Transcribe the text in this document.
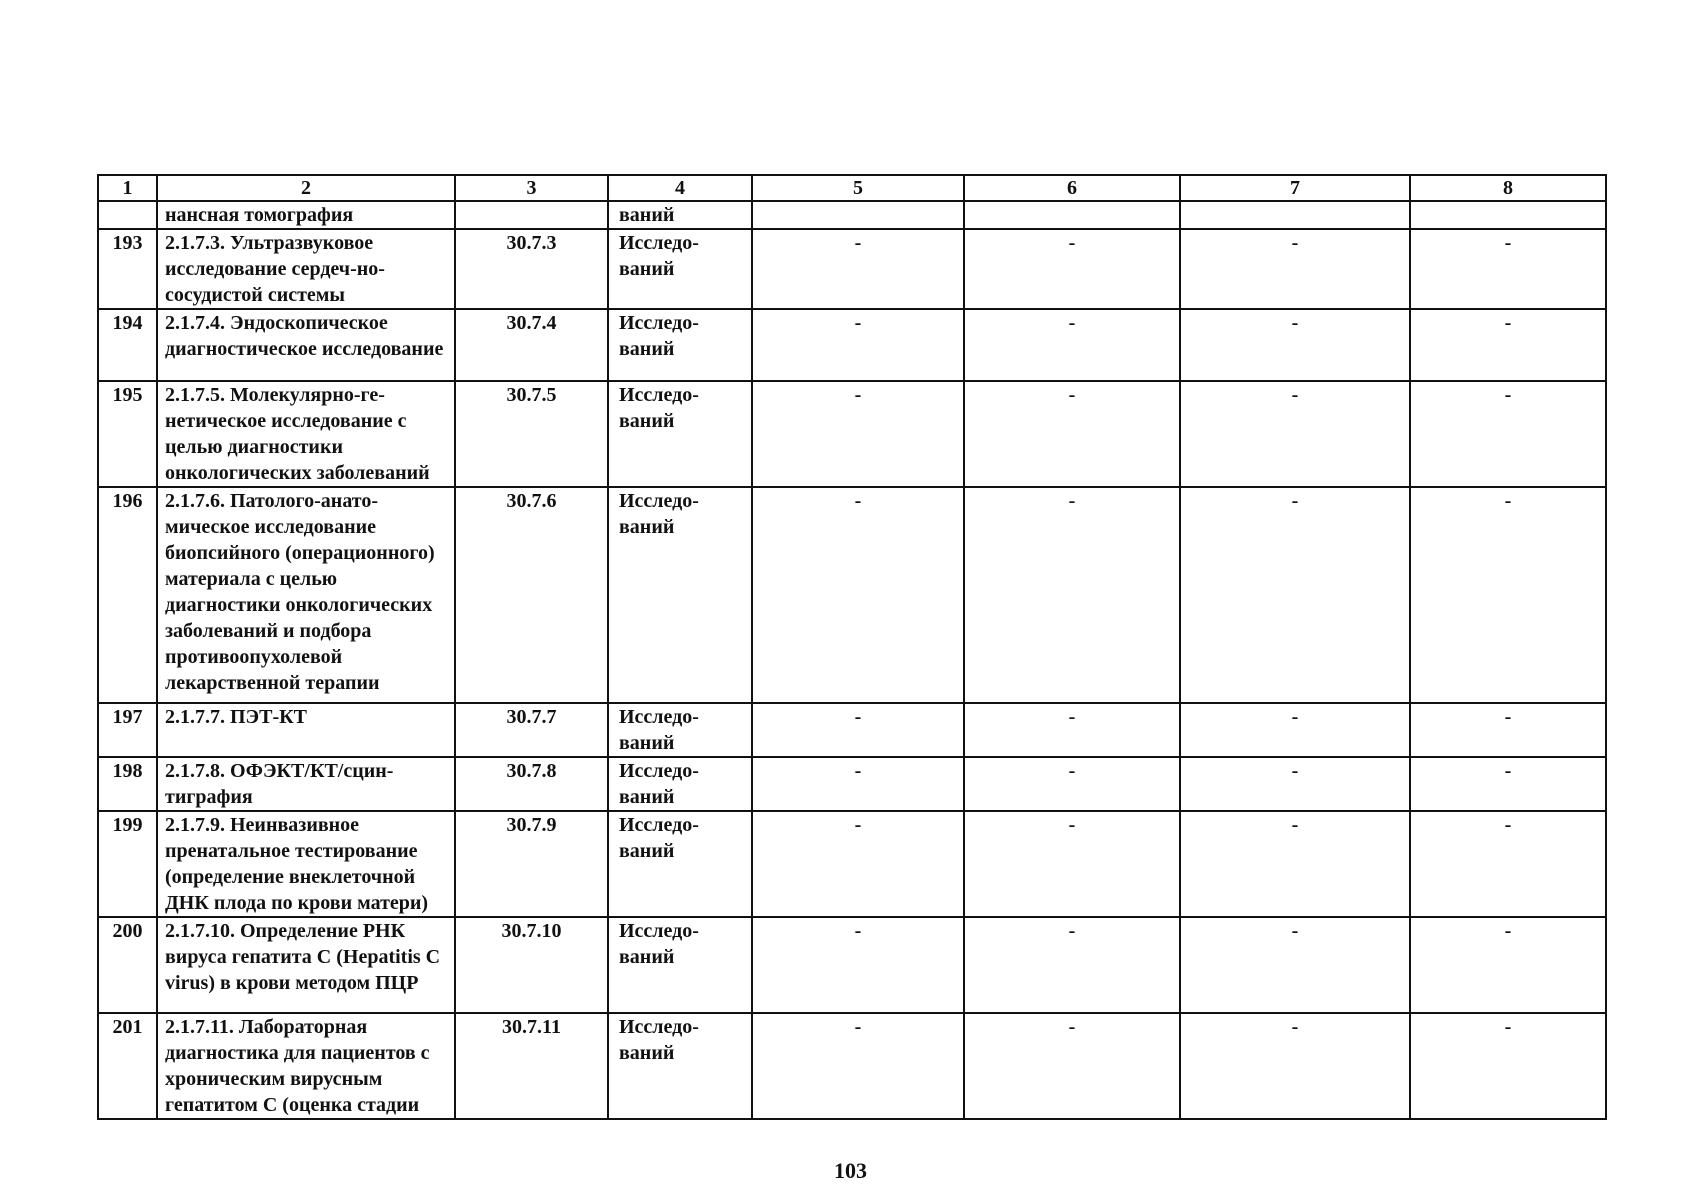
1	2	3	4	5	6	7	8
	нансная томография		ваний				
193	2.1.7.3. Ультразвуковое исследование сердеч-но-сосудистой системы	30.7.3	Исследо-ваний	-	-	-	-
194	2.1.7.4. Эндоскопическое диагностическое исследование	30.7.4	Исследо-ваний	-	-	-	-
195	2.1.7.5. Молекулярно-ге-нетическое исследование с целью диагностики онкологических заболеваний	30.7.5	Исследо-ваний	-	-	-	-
196	2.1.7.6. Патолого-анато-мическое исследование биопсийного (операционного) материала с целью диагностики онкологических заболеваний и подбора противоопухолевой лекарственной терапии	30.7.6	Исследо-ваний	-	-	-	-
197	2.1.7.7. ПЭТ-КТ	30.7.7	Исследо-ваний	-	-	-	-
198	2.1.7.8. ОФЭКТ/КТ/сцин-тиграфия	30.7.8	Исследо-ваний	-	-	-	-
199	2.1.7.9. Неинвазивное пренатальное тестирование (определение внеклеточной ДНК плода по крови матери)	30.7.9	Исследо-ваний	-	-	-	-
200	2.1.7.10. Определение РНК вируса гепатита C (Hepatitis C virus) в крови методом ПЦР	30.7.10	Исследо-ваний	-	-	-	-
201	2.1.7.11. Лабораторная диагностика для пациентов с хроническим вирусным гепатитом C (оценка стадии	30.7.11	Исследо-ваний	-	-	-	-
103
